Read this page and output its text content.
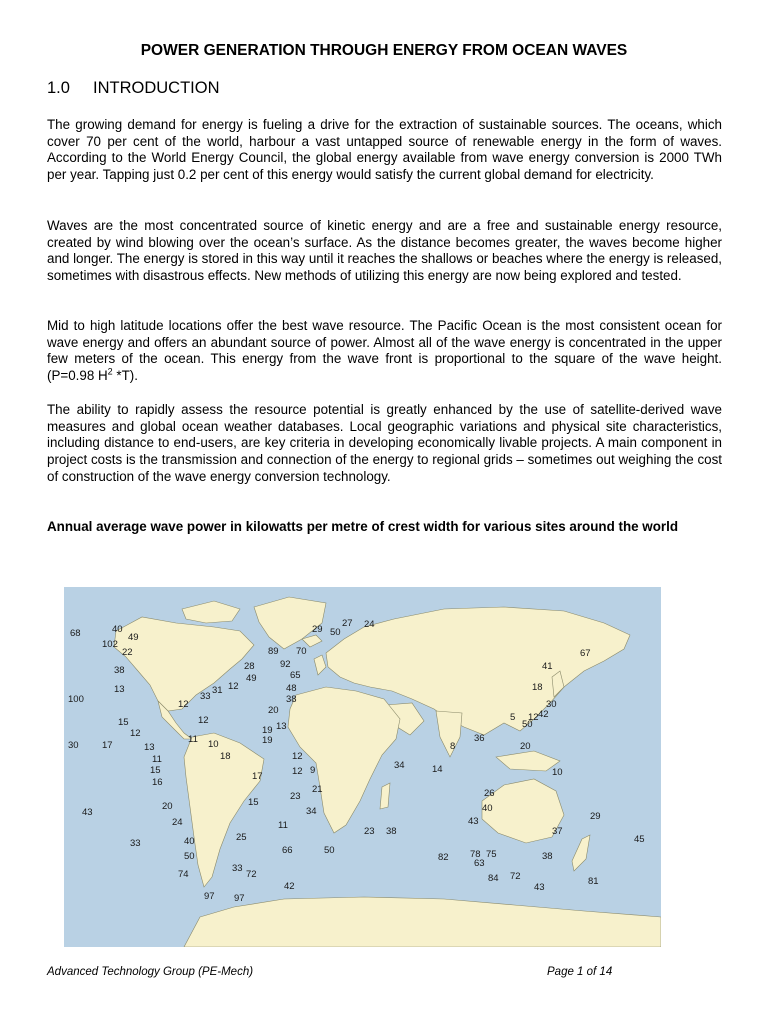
POWER GENERATION THROUGH ENERGY FROM OCEAN WAVES
1.0 INTRODUCTION

The growing demand for energy is fueling a drive for the extraction of sustainable sources. The oceans, which cover 70 per cent of the world, harbour a vast untapped source of renewable energy in the form of waves. According to the World Energy Council, the global energy available from wave energy conversion is 2000 TWh per year. Tapping just 0.2 per cent of this energy would satisfy the current global demand for electricity.

Waves are the most concentrated source of kinetic energy and are a free and sustainable energy resource, created by wind blowing over the ocean’s surface. As the distance becomes greater, the waves become higher and longer. The energy is stored in this way until it reaches the shallows or beaches where the energy is released, sometimes with disastrous effects. New methods of utilizing this energy are now being explored and tested.

Mid to high latitude locations offer the best wave resource. The Pacific Ocean is the most consistent ocean for wave energy and offers an abundant source of power. Almost all of the wave energy is concentrated in the upper few meters of the ocean. This energy from the wave front is proportional to the square of the wave height. (P=0.98 $H^2$ *T).

The ability to rapidly assess the resource potential is greatly enhanced by the use of satellite-derived wave measures and global ocean weather databases. Local geographic variations and physical site characteristics, including distance to end-users, are key criteria in developing economically livable projects. A main component in project costs is the transmission and connection of the energy to regional grids – sometimes out weighing the cost of construction of the wave energy conversion technology.

Annual average wave power in kilowatts per metre of crest width for various sites around the world
68	40
49
102
22
38
13
100
15
12
30 17	13
11
15
16
43
20
24
33	40
50
74
97 97
72
42
66	50
25
33
15
17
18
10
11
12
19
12
13
12
33
31 12
49
28
89 70
29 50
27 24
92
65
48
38
20
19
12 9
23
21
34
11
34	14
8
36
23 38
43
40
26
82 78 75
63
84 72
43
81
45
29
37
38
10
20
50
5 12 42
30
18
41
67
Advanced Technology Group (PE-Mech)	Page 1 of 14
